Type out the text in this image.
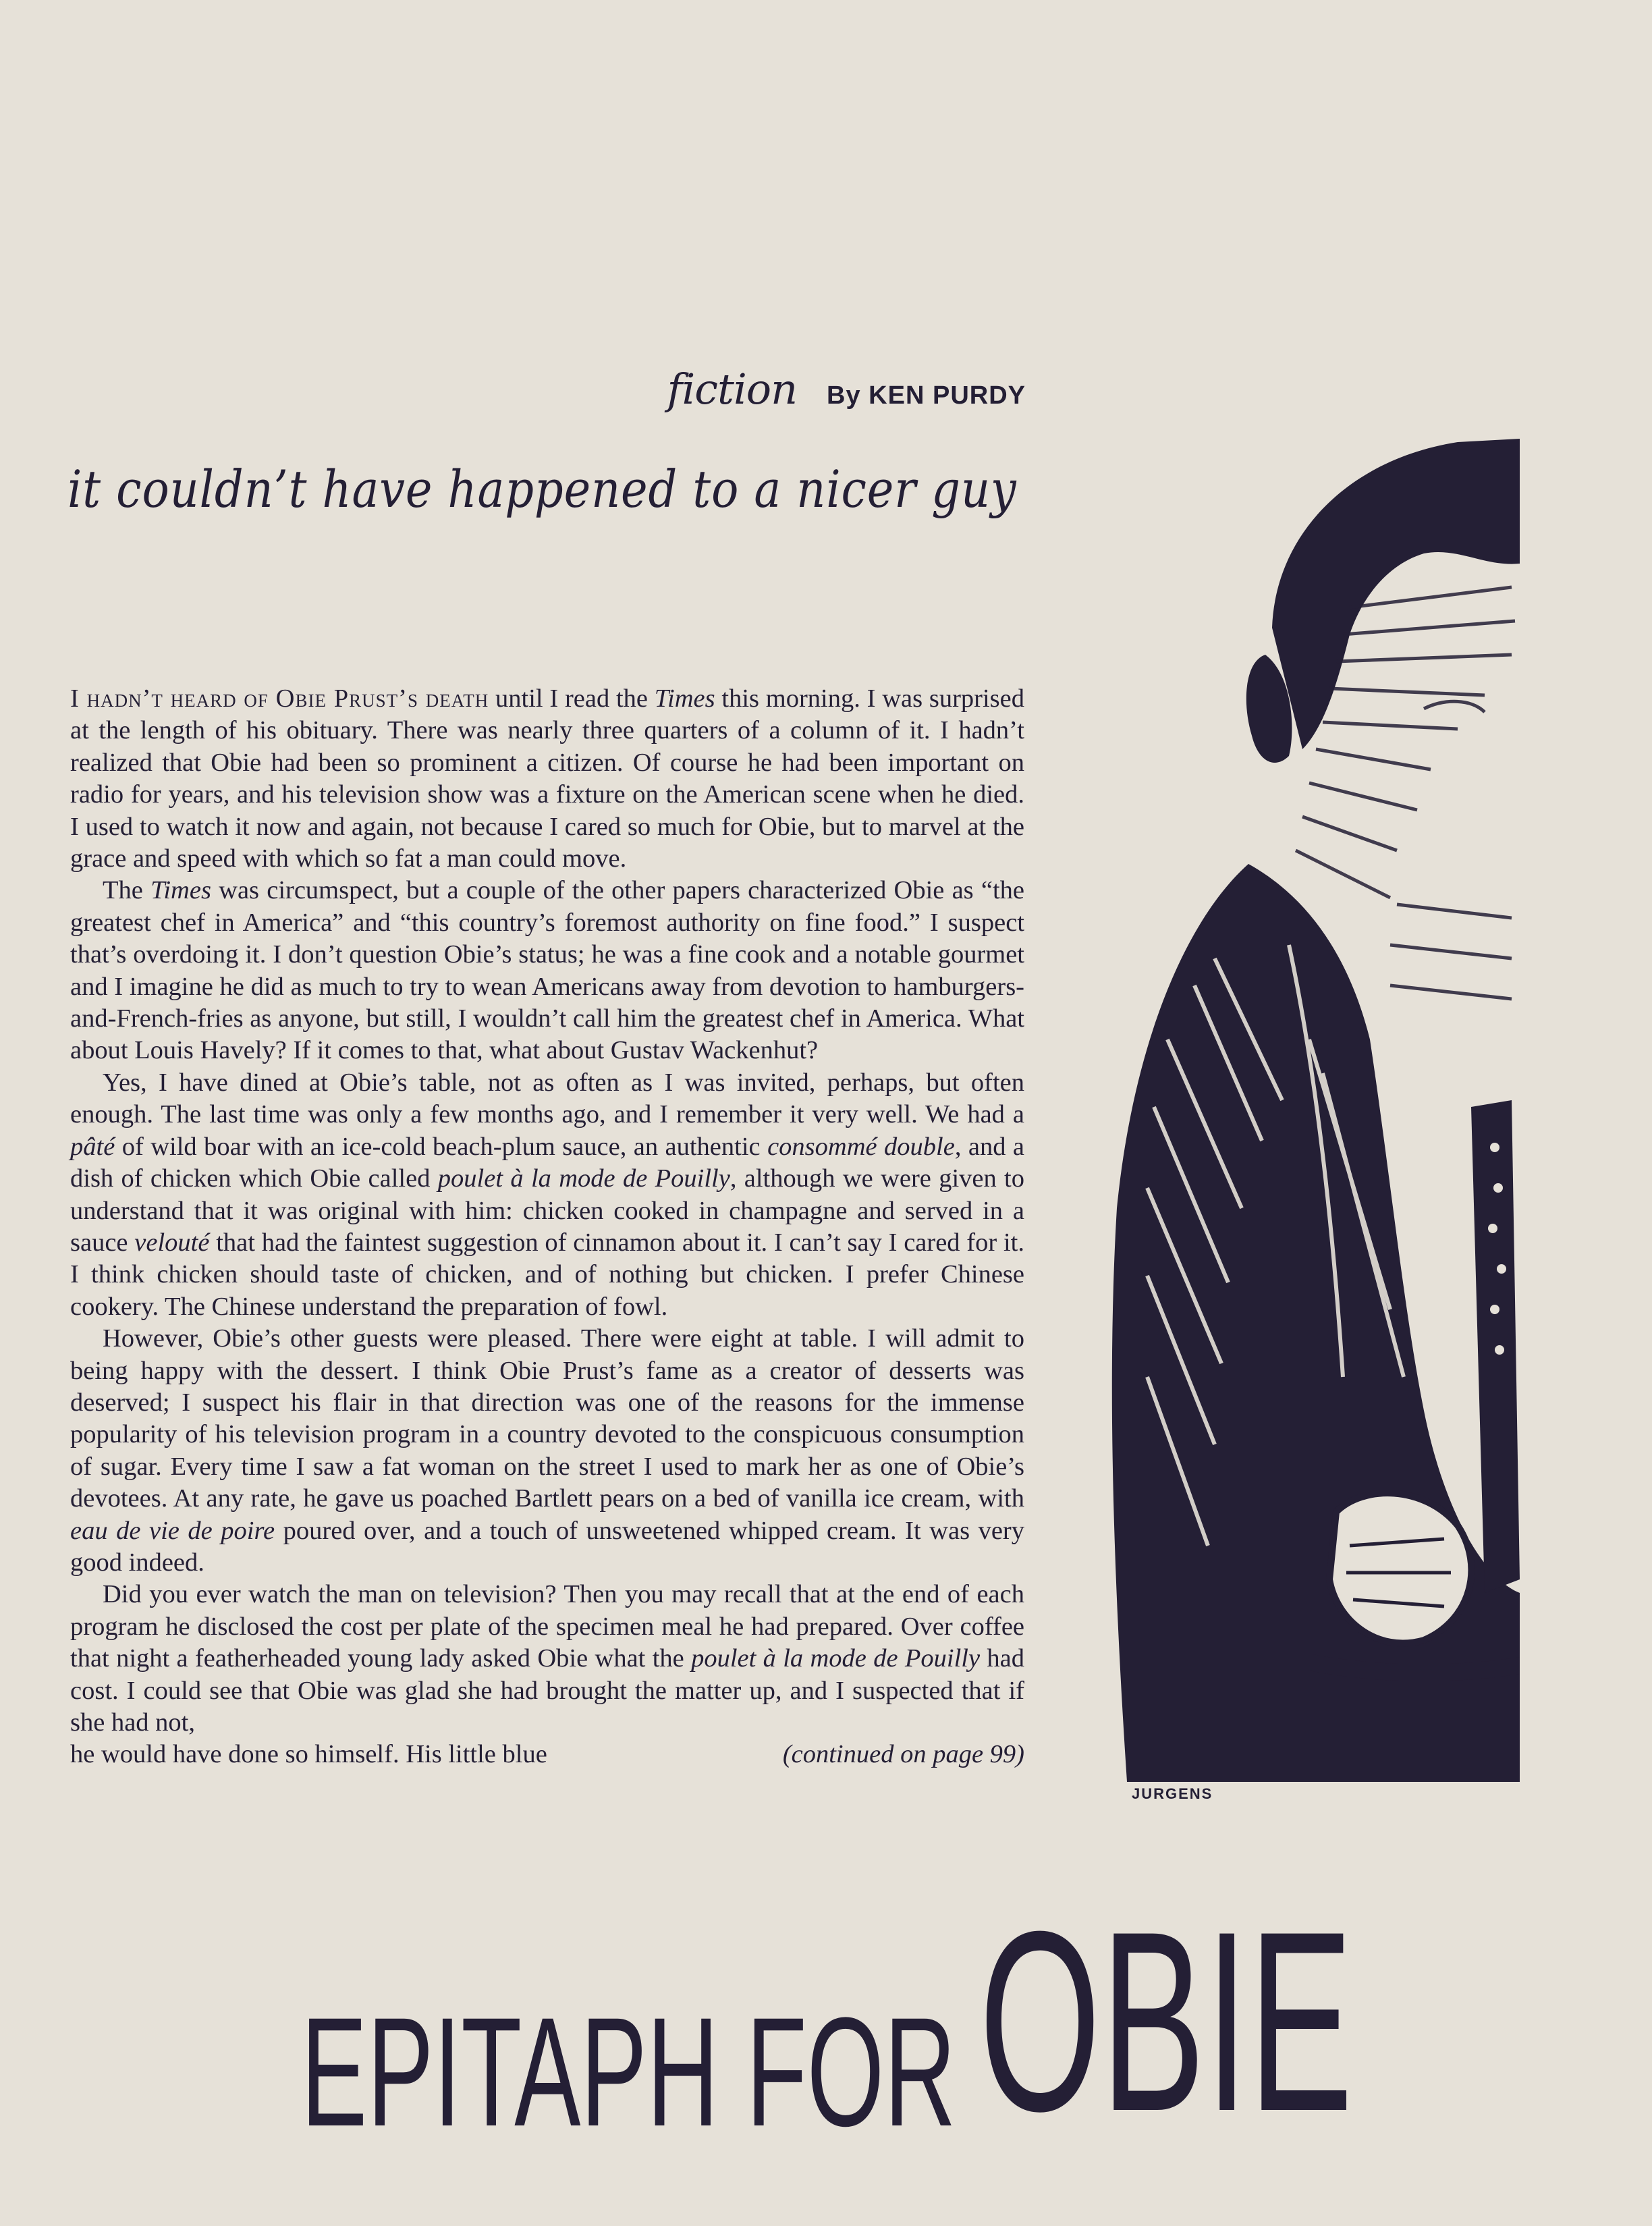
fiction By KEN PURDY
it couldn’t have happened to a nicer guy

I hadn’t heard of Obie Prust’s death until I read the Times this morning. I was surprised at the length of his obituary. There was nearly three quarters of a column of it. I hadn’t realized that Obie had been so prominent a citizen. Of course he had been important on radio for years, and his television show was a fixture on the American scene when he died. I used to watch it now and again, not because I cared so much for Obie, but to marvel at the grace and speed with which so fat a man could move.

The Times was circumspect, but a couple of the other papers characterized Obie as “the greatest chef in America” and “this country’s foremost authority on fine food.” I suspect that’s overdoing it. I don’t question Obie’s status; he was a fine cook and a notable gourmet and I imagine he did as much to try to wean Americans away from devotion to hamburgers-and-French-fries as anyone, but still, I wouldn’t call him the greatest chef in America. What about Louis Havely? If it comes to that, what about Gustav Wackenhut?

Yes, I have dined at Obie’s table, not as often as I was invited, perhaps, but often enough. The last time was only a few months ago, and I remember it very well. We had a pâté of wild boar with an ice-cold beach-plum sauce, an authentic consommé double, and a dish of chicken which Obie called poulet à la mode de Pouilly, although we were given to understand that it was original with him: chicken cooked in champagne and served in a sauce velouté that had the faintest suggestion of cinnamon about it. I can’t say I cared for it. I think chicken should taste of chicken, and of nothing but chicken. I prefer Chinese cookery. The Chinese understand the preparation of fowl.

However, Obie’s other guests were pleased. There were eight at table. I will admit to being happy with the dessert. I think Obie Prust’s fame as a creator of desserts was deserved; I suspect his flair in that direction was one of the reasons for the immense popularity of his television program in a country devoted to the conspicuous consumption of sugar. Every time I saw a fat woman on the street I used to mark her as one of Obie’s devotees. At any rate, he gave us poached Bartlett pears on a bed of vanilla ice cream, with eau de vie de poire poured over, and a touch of unsweetened whipped cream. It was very good indeed.

Did you ever watch the man on television? Then you may recall that at the end of each program he disclosed the cost per plate of the specimen meal he had prepared. Over coffee that night a featherheaded young lady asked Obie what the poulet à la mode de Pouilly had cost. I could see that Obie was glad she had brought the matter up, and I suspected that if she had not,

he would have done so himself. His little blue	(continued on page 99)
JURGENS
EPITAPH FOR OBIE
